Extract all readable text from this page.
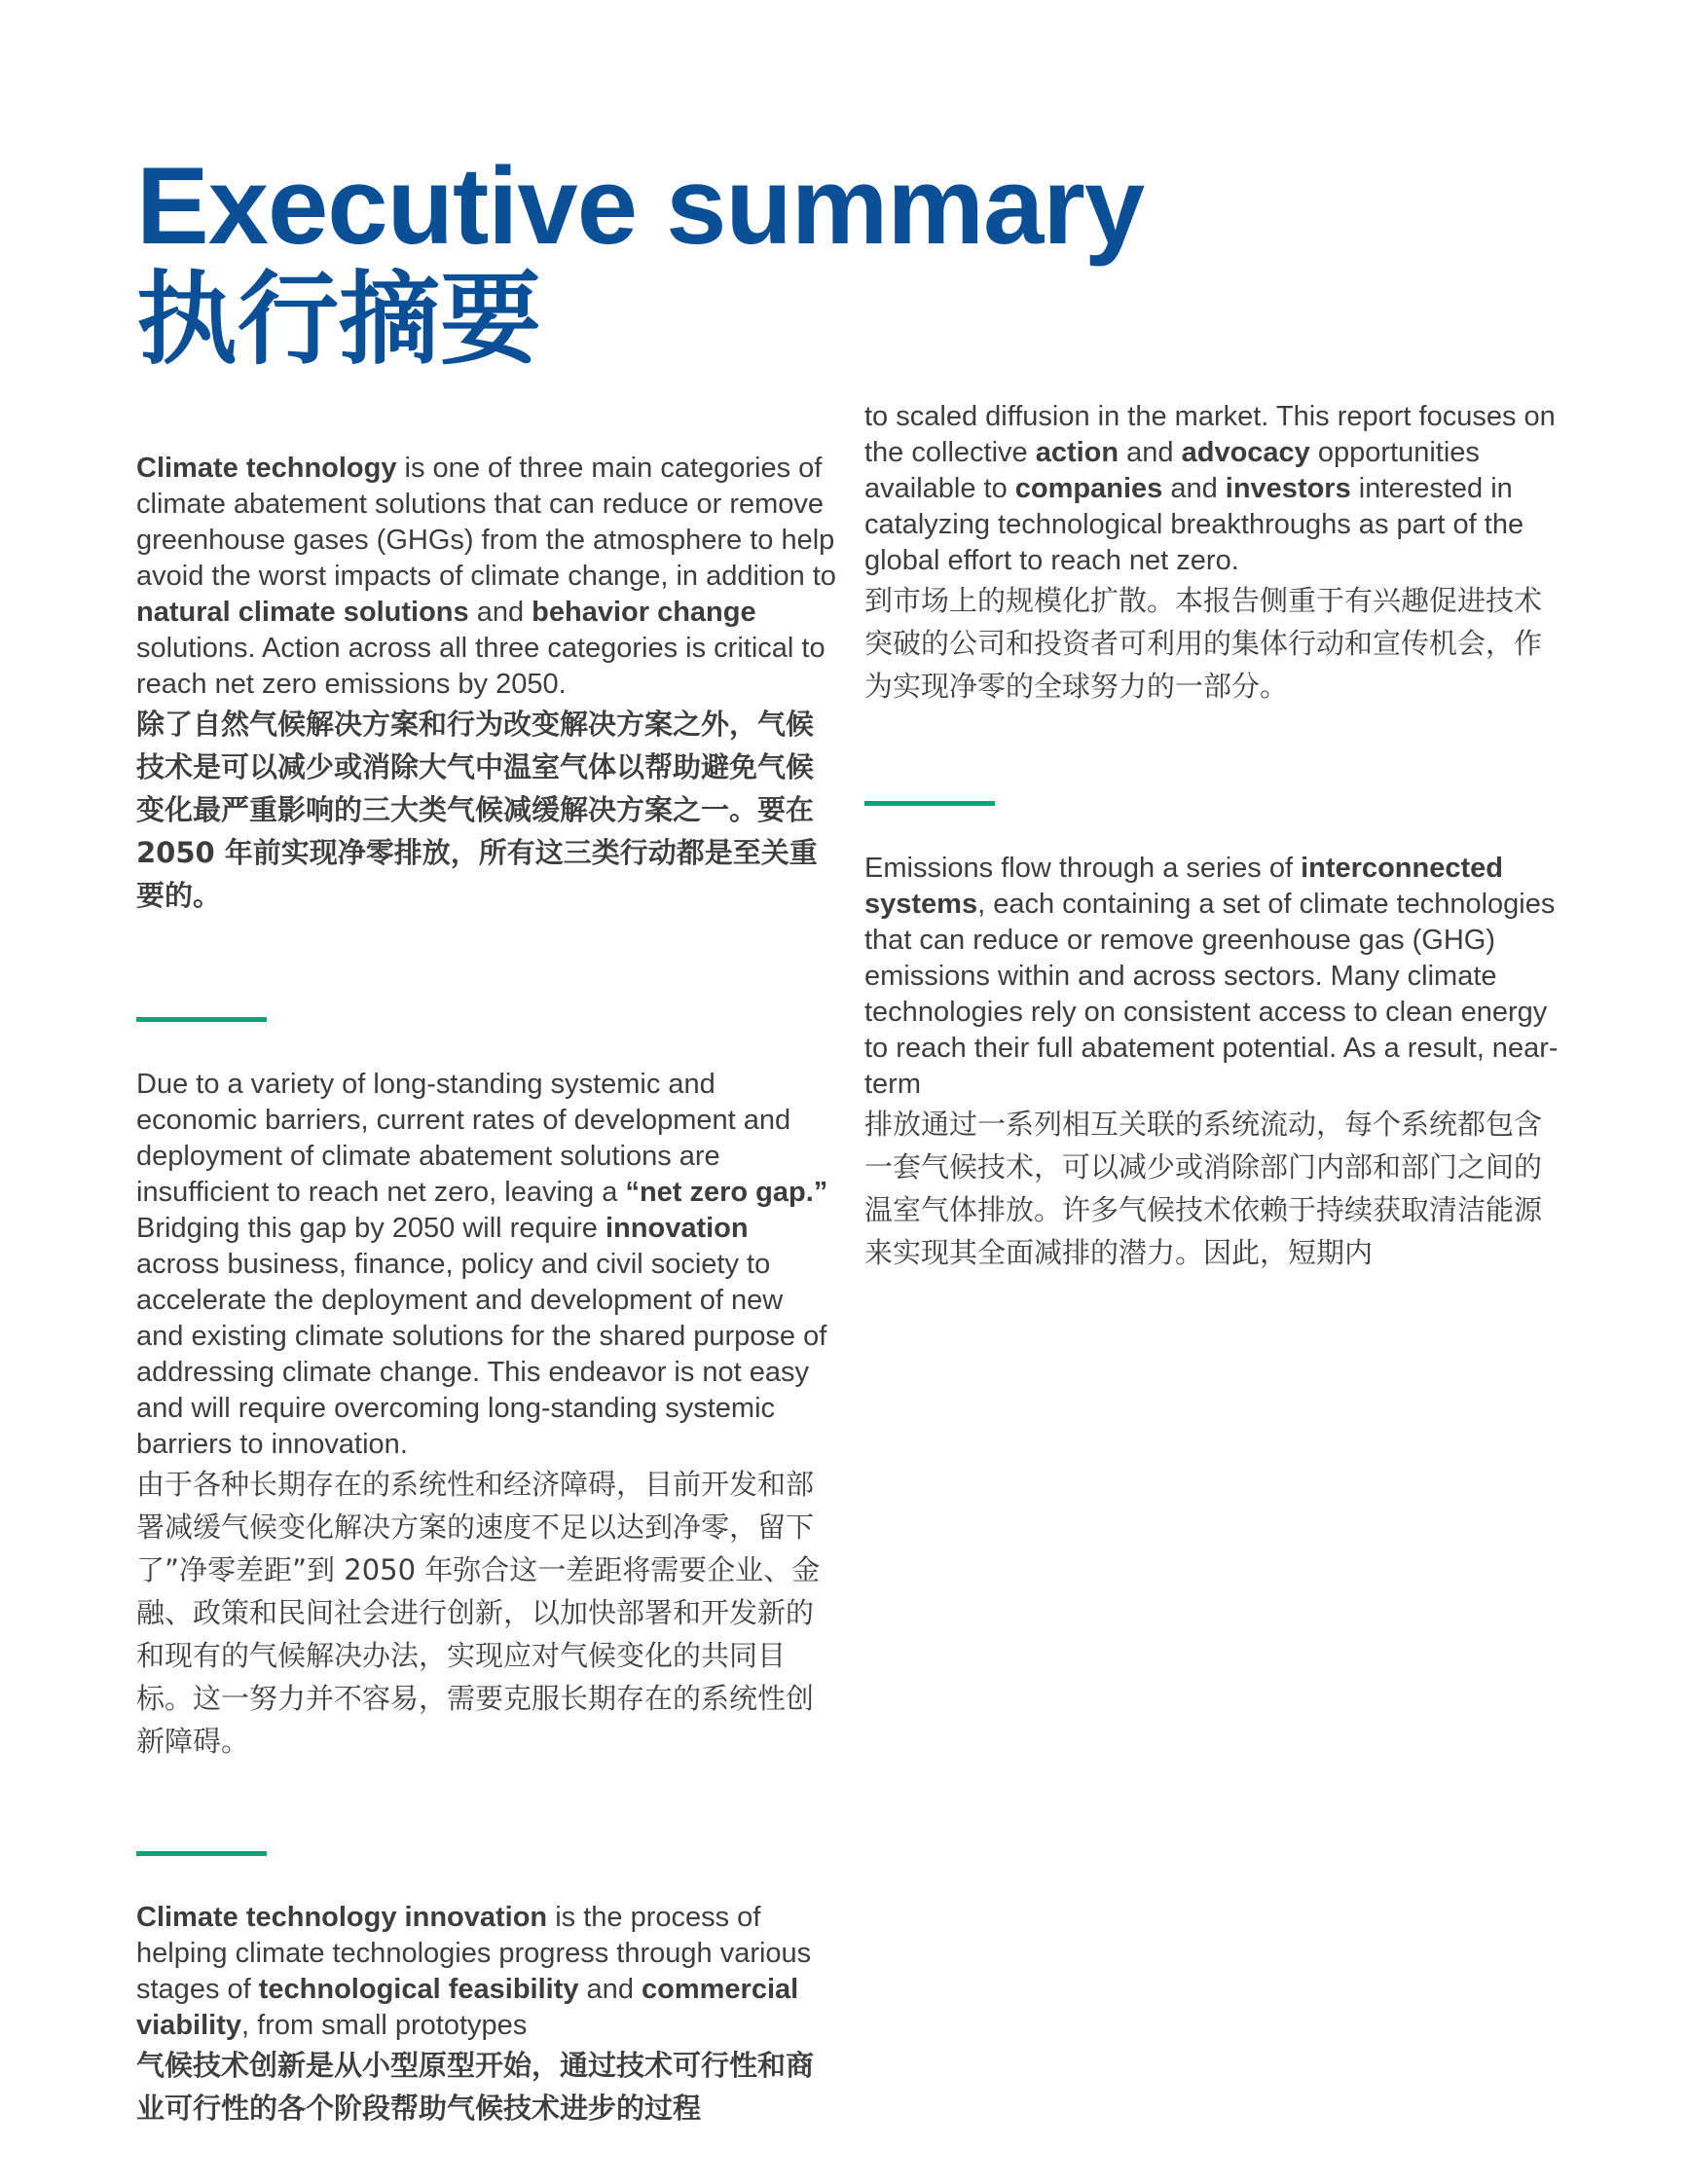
Executive summary
执行摘要

Climate technology is one of three main categories of climate abatement solutions that can reduce or remove greenhouse gases (GHGs) from the atmosphere to help avoid the worst impacts of climate change, in addition to natural climate solutions and behavior change solutions. Action across all three categories is critical to reach net zero emissions by 2050.

除了自然气候解决方案和行为改变解决方案之外，气候技术是可以减少或消除大气中温室气体以帮助避免气候变化最严重影响的三大类气候减缓解决方案之一。要在 2050 年前实现净零排放，所有这三类行动都是至关重要的。

Due to a variety of long-standing systemic and economic barriers, current rates of development and deployment of climate abatement solutions are insufficient to reach net zero, leaving a “net zero gap.” Bridging this gap by 2050 will require innovation across business, finance, policy and civil society to accelerate the deployment and development of new and existing climate solutions for the shared purpose of addressing climate change. This endeavor is not easy and will require overcoming long-standing systemic barriers to innovation.

由于各种长期存在的系统性和经济障碍，目前开发和部署减缓气候变化解决方案的速度不足以达到净零，留下了”净零差距”到 2050 年弥合这一差距将需要企业、金融、政策和民间社会进行创新，以加快部署和开发新的和现有的气候解决办法，实现应对气候变化的共同目标。这一努力并不容易，需要克服长期存在的系统性创新障碍。

Climate technology innovation is the process of helping climate technologies progress through various stages of technological feasibility and commercial viability, from small prototypes

气候技术创新是从小型原型开始，通过技术可行性和商业可行性的各个阶段帮助气候技术进步的过程

to scaled diffusion in the market. This report focuses on the collective action and advocacy opportunities available to companies and investors interested in catalyzing technological breakthroughs as part of the global effort to reach net zero.

到市场上的规模化扩散。本报告侧重于有兴趣促进技术突破的公司和投资者可利用的集体行动和宣传机会，作为实现净零的全球努力的一部分。

Emissions flow through a series of interconnected systems, each containing a set of climate technologies that can reduce or remove greenhouse gas (GHG) emissions within and across sectors. Many climate technologies rely on consistent access to clean energy to reach their full abatement potential. As a result, near-term

排放通过一系列相互关联的系统流动，每个系统都包含一套气候技术，可以减少或消除部门内部和部门之间的温室气体排放。许多气候技术依赖于持续获取清洁能源来实现其全面减排的潜力。因此，短期内
